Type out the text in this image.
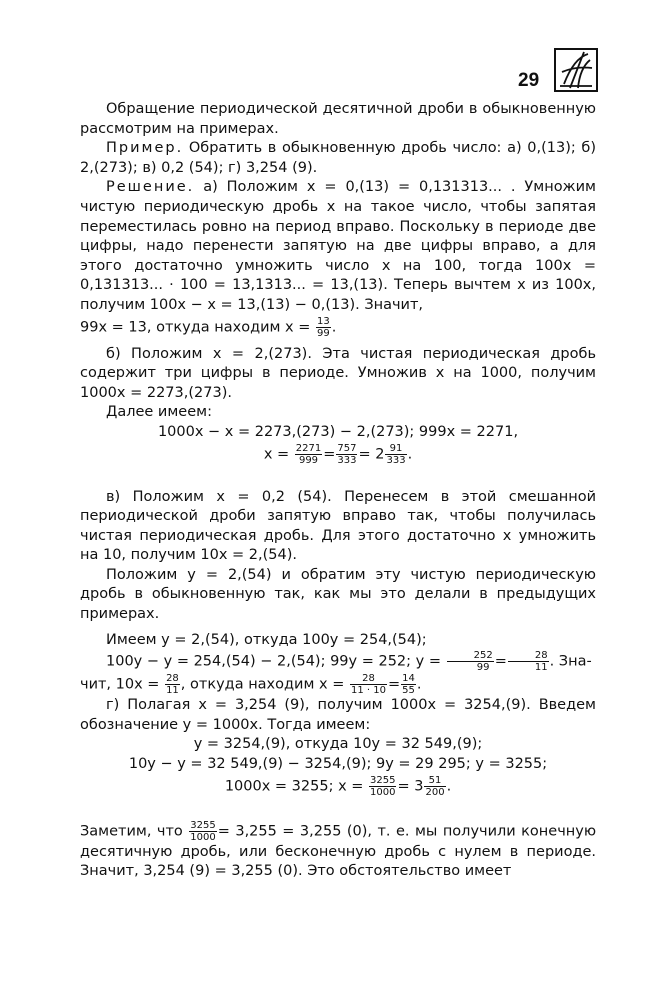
29

Обращение периодической десятичной дроби в обыкновенную рассмотрим на примерах.

Пример. Обратить в обыкновенную дробь число: а) 0,(13); б) 2,(273); в) 0,2 (54); г) 3,254 (9).

Решение. а) Положим x = 0,(13) = 0,131313... . Умножим чистую периодическую дробь x на такое число, чтобы запятая переместилась ровно на период вправо. Поскольку в периоде две цифры, надо перенести запятую на две цифры вправо, а для этого достаточно умножить число x на 100, тогда 100x = 0,131313... · 100 = 13,1313... = 13,(13). Теперь вычтем x из 100x, получим 100x − x = 13,(13) − 0,(13). Значит,

99x = 13, откуда находим $x = \frac{13}{99}$ .

б) Положим x = 2,(273). Эта чистая периодическая дробь содержит три цифры в периоде. Умножив x на 1000, получим 1000x = 2273,(273).

Далее имеем:

1000x − x = 2273,(273) − 2,(273); 999x = 2271,

$x = \frac{2271}{999} = \frac{757}{333} = 2 \frac{91}{333}$ .

в) Положим x = 0,2 (54). Перенесем в этой смешанной периодической дроби запятую вправо так, чтобы получилась чистая периодическая дробь. Для этого достаточно x умножить на 10, получим 10x = 2,(54).

Положим y = 2,(54) и обратим эту чистую периодическую дробь в обыкновенную так, как мы это делали в предыдущих примерах.

Имеем y = 2,(54), откуда 100y = 254,(54);

100y − y = 254,(54) − 2,(54); 99y = 252; $y = \frac{252}{99} = \frac{28}{11}$ . Зна-

чит, $10x = \frac{28}{11}$ , откуда находим $x = \frac{28}{11 \cdot 10} = \frac{14}{55}$ .

г) Полагая x = 3,254 (9), получим 1000x = 3254,(9). Введем обозначение y = 1000x. Тогда имеем:

y = 3254,(9), откуда 10y = 32 549,(9);

10y − y = 32 549,(9) − 3254,(9); 9y = 29 295; y = 3255;

1000x = 3255; $x = \frac{3255}{1000} = 3 \frac{51}{200}$ .

Заметим, что $\frac{3255}{1000} = 3,255 = 3,255$ (0), т. е. мы получили конечную десятичную дробь, или бесконечную дробь с нулем в периоде. Значит, 3,254 (9) = 3,255 (0). Это обстоятельство имеет
